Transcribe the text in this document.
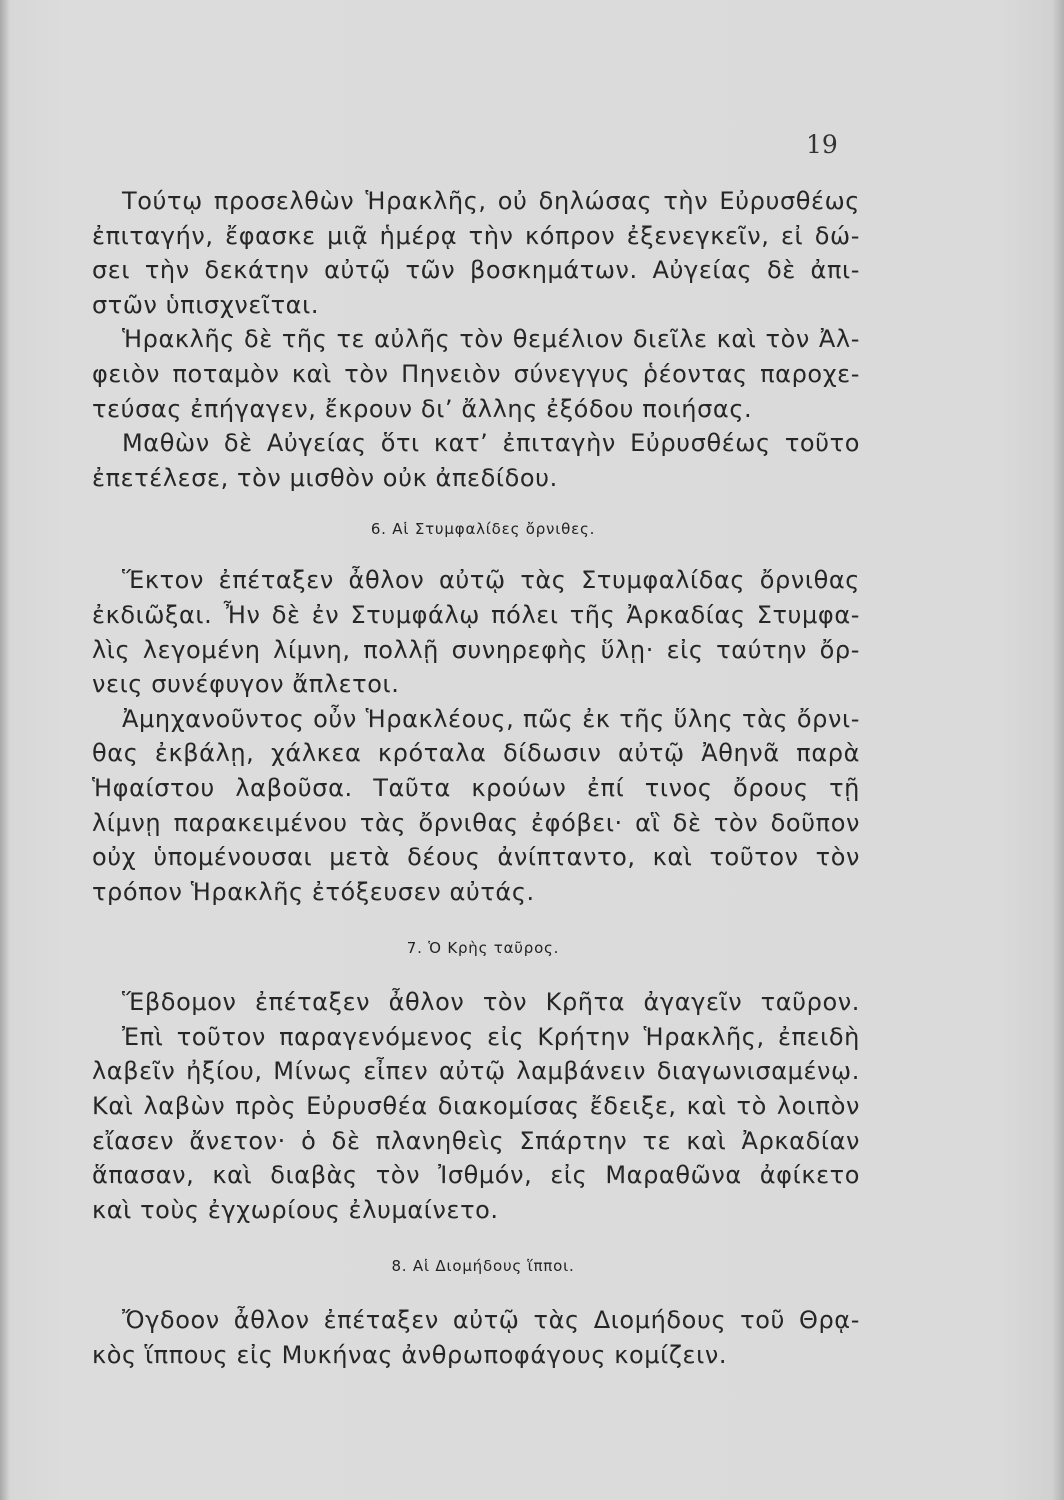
19
Τούτῳ προσελθὼν Ἡρακλῆς, οὐ δηλώσας τὴν Εὐρυσθέως
ἐπιταγήν, ἔφασκε μιᾷ ἡμέρᾳ τὴν κόπρον ἐξενεγκεῖν, εἰ δώ-
σει τὴν δεκάτην αὐτῷ τῶν βοσκημάτων. Αὐγείας δὲ ἀπι-
στῶν ὑπισχνεῖται.
Ἡρακλῆς δὲ τῆς τε αὐλῆς τὸν θεμέλιον διεῖλε καὶ τὸν Ἀλ-
φειὸν ποταμὸν καὶ τὸν Πηνειὸν σύνεγγυς ῥέοντας παροχε-
τεύσας ἐπήγαγεν, ἔκρουν δι’ ἄλλης ἐξόδου ποιήσας.
Μαθὼν δὲ Αὐγείας ὅτι κατ’ ἐπιταγὴν Εὐρυσθέως τοῦτο
ἐπετέλεσε, τὸν μισθὸν οὐκ ἀπεδίδου.
6. Αἱ Στυμφαλίδες ὄρνιθες.
Ἕκτον ἐπέταξεν ἆθλον αὐτῷ τὰς Στυμφαλίδας ὄρνιθας
ἐκδιῶξαι. Ἦν δὲ ἐν Στυμφάλῳ πόλει τῆς Ἀρκαδίας Στυμφα-
λὶς λεγομένη λίμνη, πολλῇ συνηρεφὴς ὕλῃ· εἰς ταύτην ὄρ-
νεις συνέφυγον ἄπλετοι.
Ἀμηχανοῦντος οὖν Ἡρακλέους, πῶς ἐκ τῆς ὕλης τὰς ὄρνι-
θας ἐκβάλῃ, χάλκεα κρόταλα δίδωσιν αὐτῷ Ἀθηνᾶ παρὰ
Ἡφαίστου λαβοῦσα. Ταῦτα κρούων ἐπί τινος ὄρους τῇ
λίμνῃ παρακειμένου τὰς ὄρνιθας ἐφόβει· αἳ δὲ τὸν δοῦπον
οὐχ ὑπομένουσαι μετὰ δέους ἀνίπταντο, καὶ τοῦτον τὸν
τρόπον Ἡρακλῆς ἐτόξευσεν αὐτάς.
7. Ὁ Κρὴς ταῦρος.
Ἕβδομον ἐπέταξεν ἆθλον τὸν Κρῆτα ἀγαγεῖν ταῦρον.
Ἐπὶ τοῦτον παραγενόμενος εἰς Κρήτην Ἡρακλῆς, ἐπειδὴ
λαβεῖν ἠξίου, Μίνως εἶπεν αὐτῷ λαμβάνειν διαγωνισαμένῳ.
Καὶ λαβὼν πρὸς Εὐρυσθέα διακομίσας ἔδειξε, καὶ τὸ λοιπὸν
εἴασεν ἄνετον· ὁ δὲ πλανηθεὶς Σπάρτην τε καὶ Ἀρκαδίαν
ἅπασαν, καὶ διαβὰς τὸν Ἰσθμόν, εἰς Μαραθῶνα ἀφίκετο
καὶ τοὺς ἐγχωρίους ἐλυμαίνετο.
8. Αἱ Διομήδους ἵπποι.
Ὄγδοον ἆθλον ἐπέταξεν αὐτῷ τὰς Διομήδους τοῦ Θρᾳ-
κὸς ἵππους εἰς Μυκήνας ἀνθρωποφάγους κομίζειν.
